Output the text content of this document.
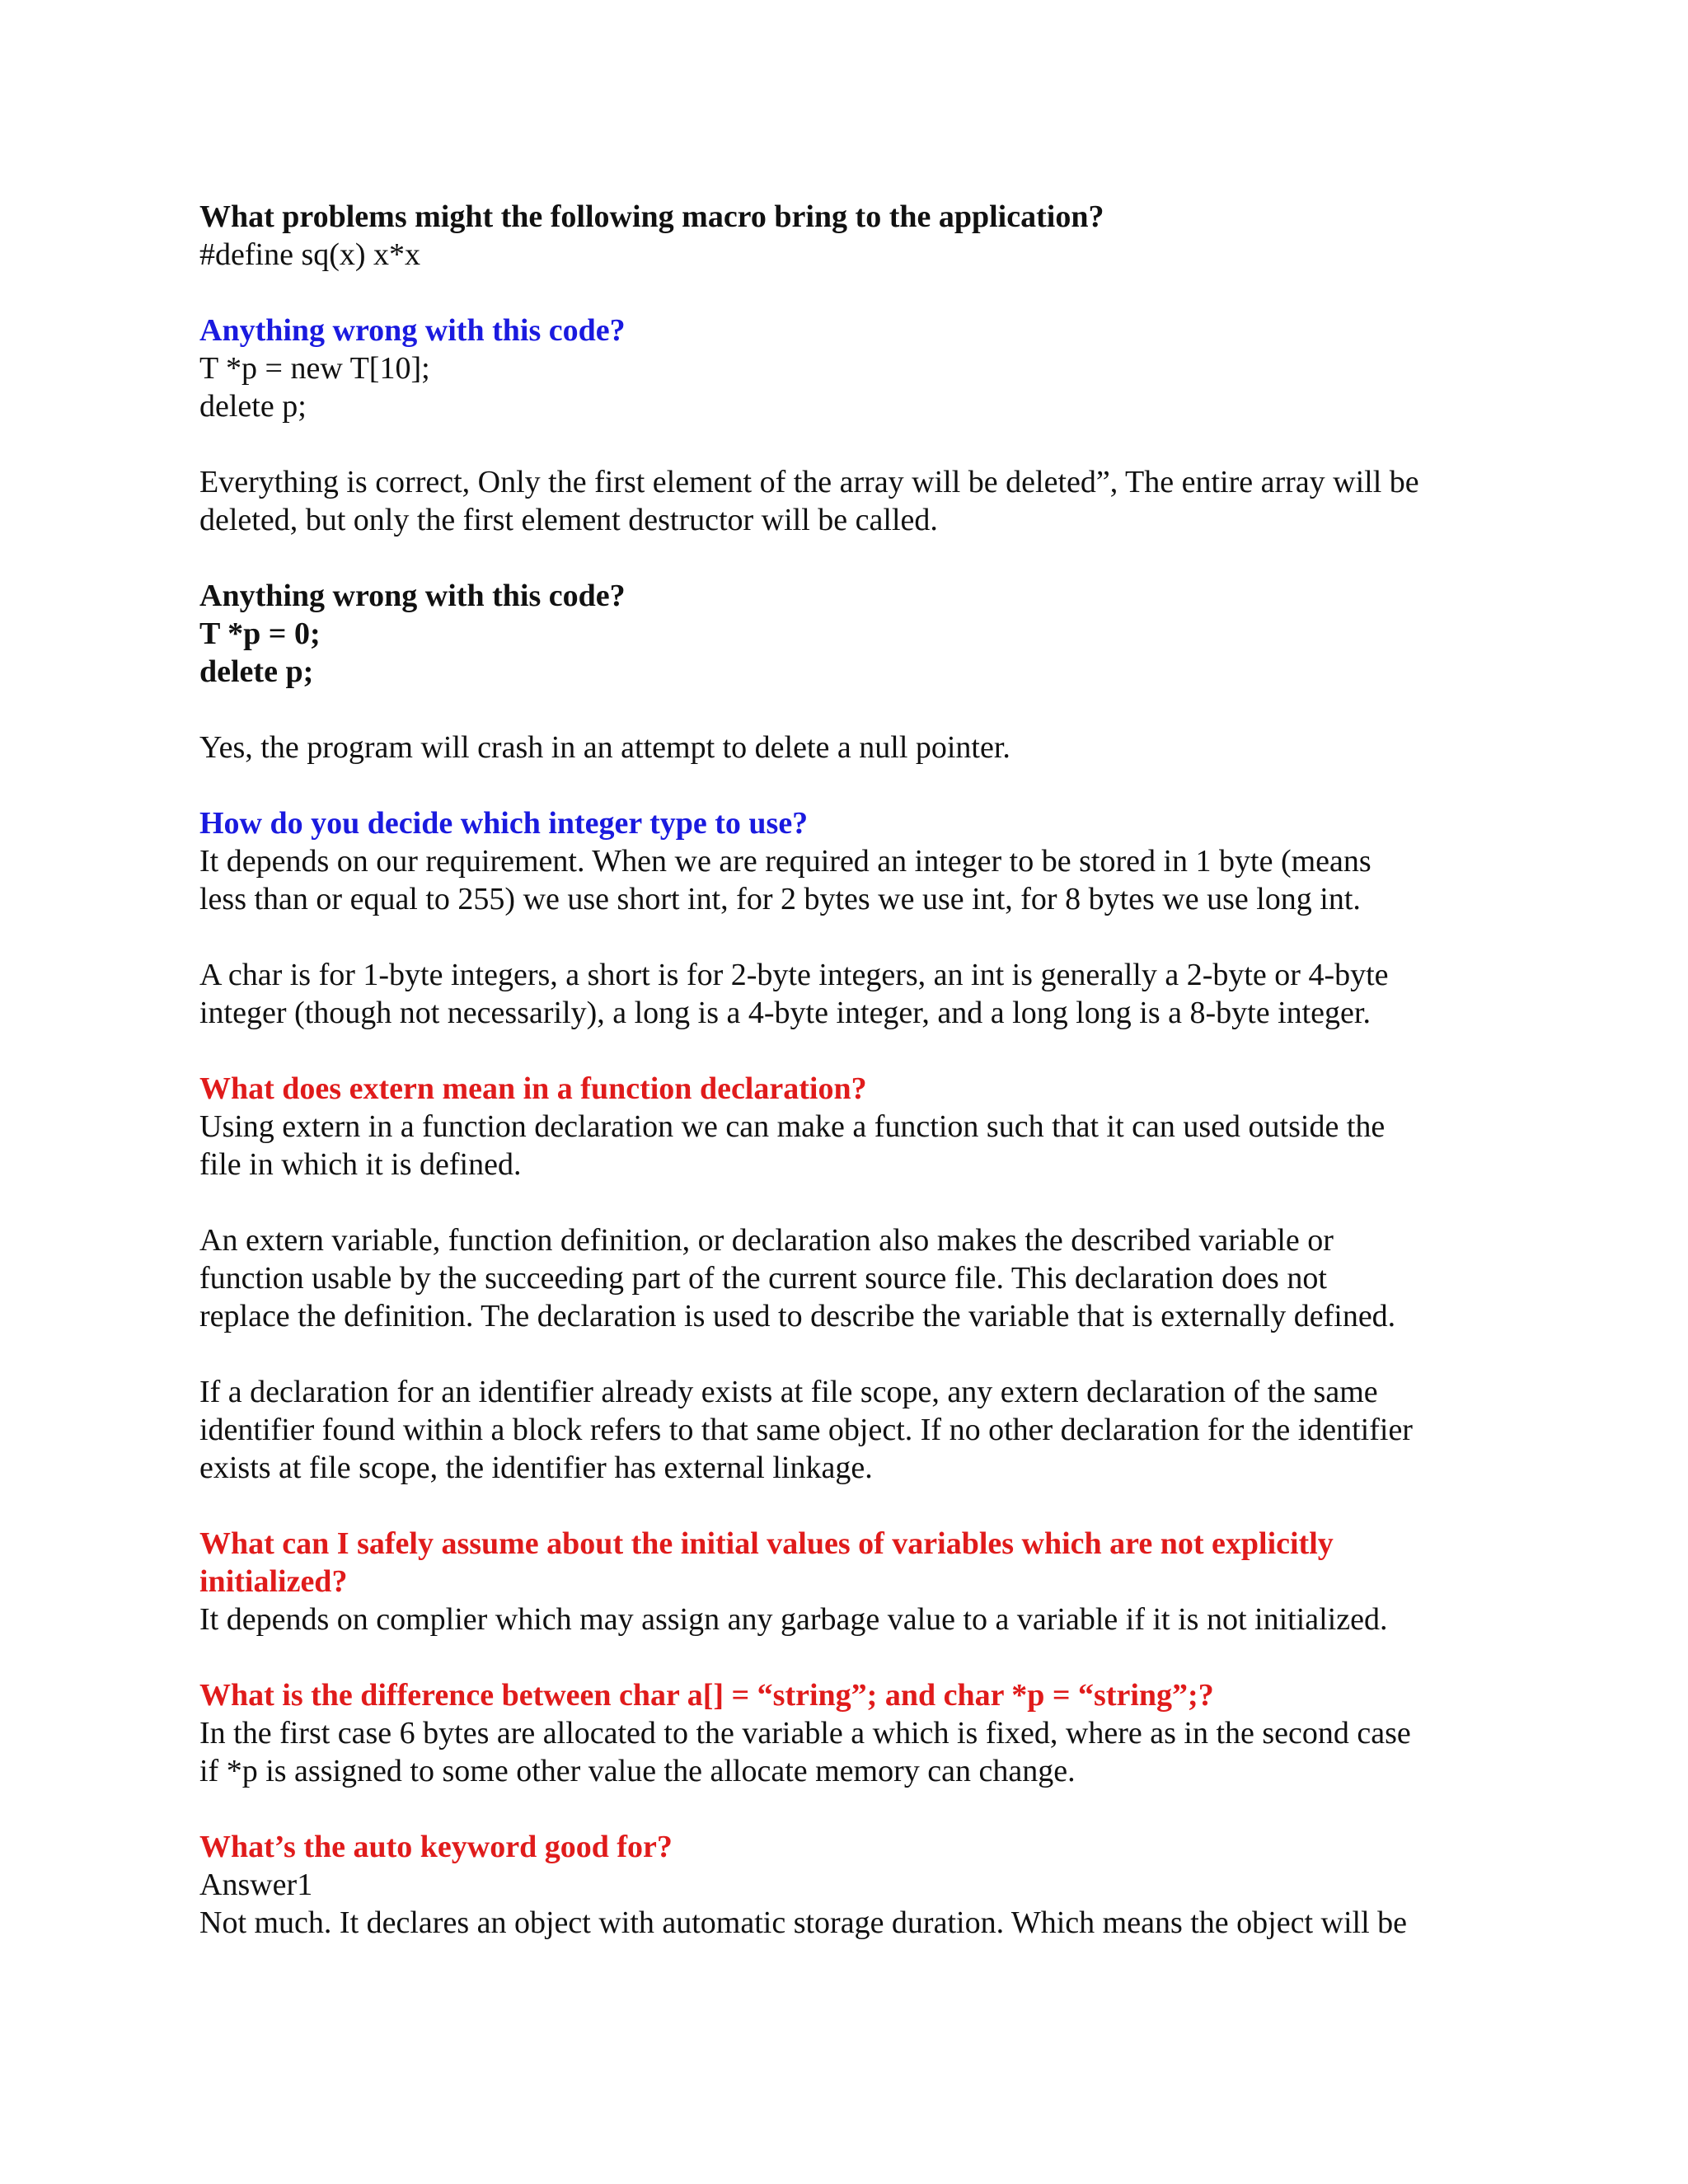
What problems might the following macro bring to the application?
#define sq(x) x*x
Anything wrong with this code?
T *p = new T[10];
delete p;
Everything is correct, Only the first element of the array will be deleted”, The entire array will be
deleted, but only the first element destructor will be called.
Anything wrong with this code?
T *p = 0;
delete p;
Yes, the program will crash in an attempt to delete a null pointer.
How do you decide which integer type to use?
It depends on our requirement. When we are required an integer to be stored in 1 byte (means
less than or equal to 255) we use short int, for 2 bytes we use int, for 8 bytes we use long int.
A char is for 1-byte integers, a short is for 2-byte integers, an int is generally a 2-byte or 4-byte
integer (though not necessarily), a long is a 4-byte integer, and a long long is a 8-byte integer.
What does extern mean in a function declaration?
Using extern in a function declaration we can make a function such that it can used outside the
file in which it is defined.
An extern variable, function definition, or declaration also makes the described variable or
function usable by the succeeding part of the current source file. This declaration does not
replace the definition. The declaration is used to describe the variable that is externally defined.
If a declaration for an identifier already exists at file scope, any extern declaration of the same
identifier found within a block refers to that same object. If no other declaration for the identifier
exists at file scope, the identifier has external linkage.
What can I safely assume about the initial values of variables which are not explicitly
initialized?
It depends on complier which may assign any garbage value to a variable if it is not initialized.
What is the difference between char a[] = “string”; and char *p = “string”;?
In the first case 6 bytes are allocated to the variable a which is fixed, where as in the second case
if *p is assigned to some other value the allocate memory can change.
What’s the auto keyword good for?
Answer1
Not much. It declares an object with automatic storage duration. Which means the object will be
